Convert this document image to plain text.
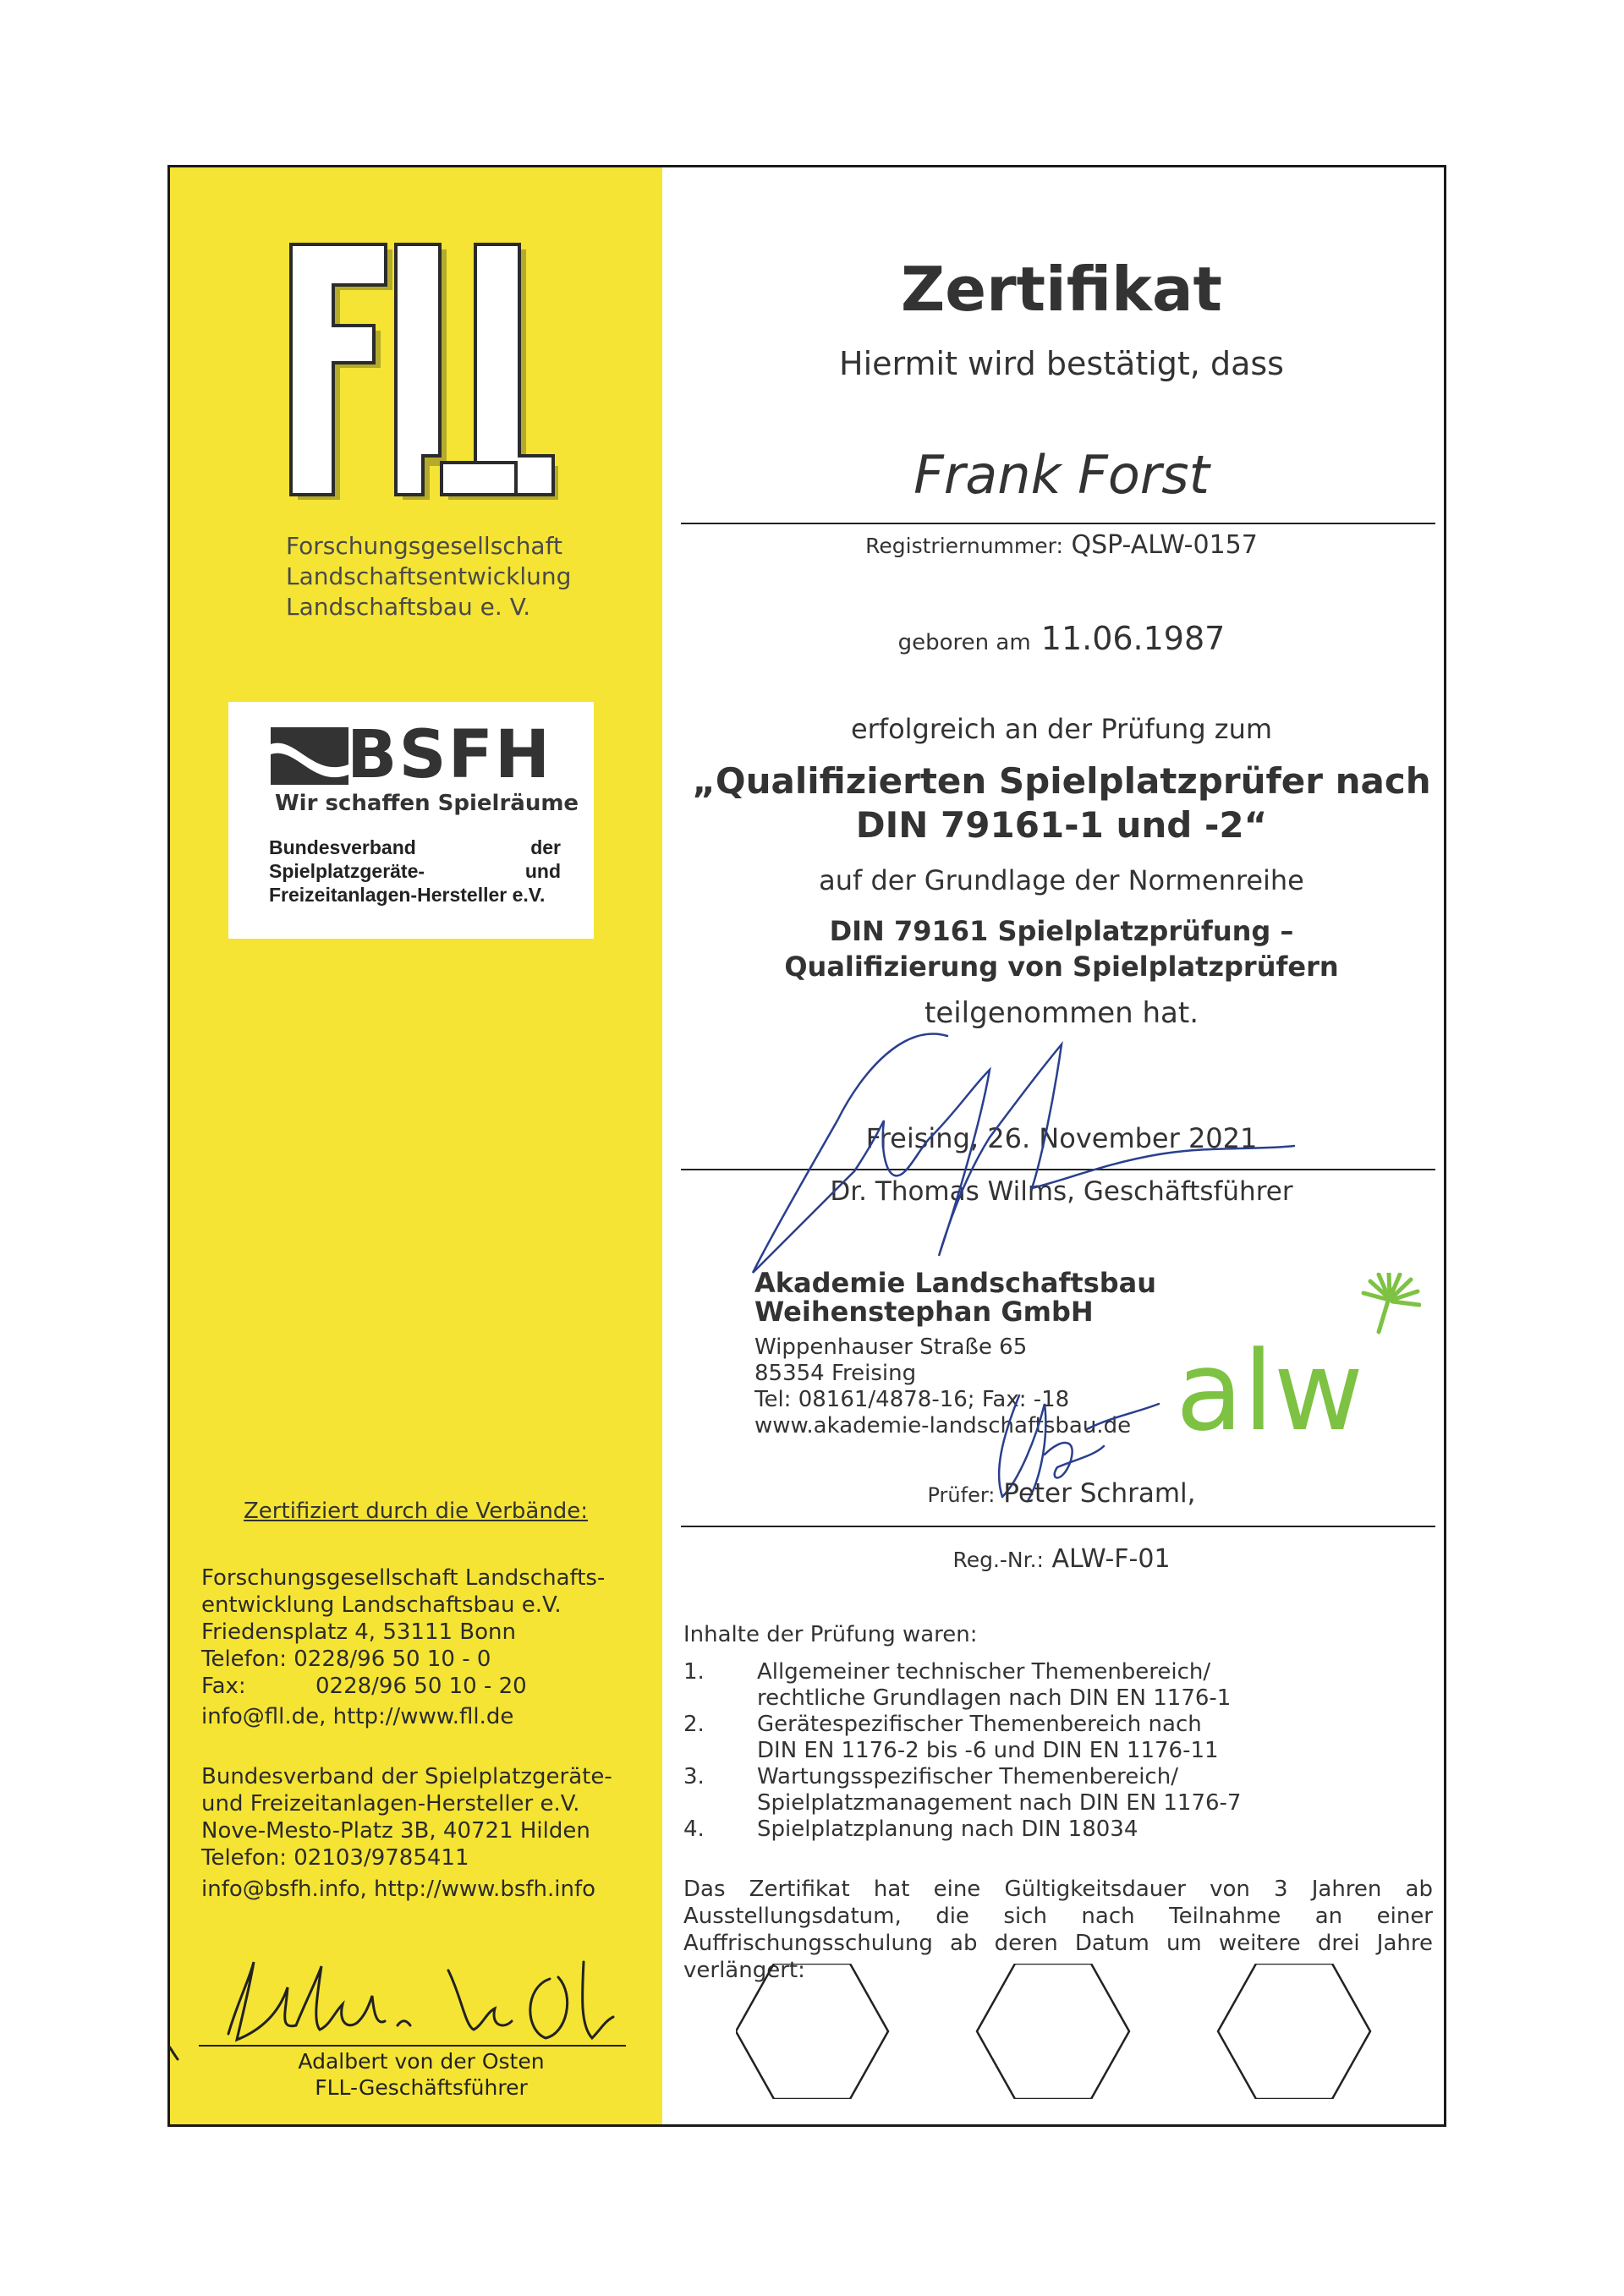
Forschungsgesellschaft
Landschaftsentwicklung
Landschaftsbau e. V.
BSFH
Wir schaffen Spielräume
Bundesverband der Spielplatzgeräte- und Freizeitanlagen-Hersteller e.V.
Zertifiziert durch die Verbände:
Forschungsgesellschaft Landschafts-
entwicklung Landschaftsbau e.V.
Friedensplatz 4, 53111 Bonn
Telefon: 0228/96 50 10 - 0
Fax:	0228/96 50 10 - 20
info@fll.de, http://www.fll.de
Bundesverband der Spielplatzgeräte-
und Freizeitanlagen-Hersteller e.V.
Nove-Mesto-Platz 3B, 40721 Hilden
Telefon: 02103/9785411
info@bsfh.info, http://www.bsfh.info
Adalbert von der Osten
FLL-Geschäftsführer
Zertifikat
Hiermit wird bestätigt, dass
Frank Forst
Registriernummer: QSP-ALW-0157
geboren am 11.06.1987
erfolgreich an der Prüfung zum
„Qualifizierten Spielplatzprüfer nach
DIN 79161-1 und -2“
auf der Grundlage der Normenreihe
DIN 79161 Spielplatzprüfung –
Qualifizierung von Spielplatzprüfern
teilgenommen hat.
Freising, 26. November 2021
Dr. Thomas Wilms, Geschäftsführer
Akademie Landschaftsbau
Weihenstephan GmbH
Wippenhauser Straße 65
85354 Freising
Tel: 08161/4878-16; Fax: -18
www.akademie-landschaftsbau.de alw
Prüfer: Peter Schraml,
Reg.-Nr.: ALW-F-01
Inhalte der Prüfung waren:
1. Allgemeiner technischer Themenbereich/
rechtliche Grundlagen nach DIN EN 1176-1
2. Gerätespezifischer Themenbereich nach
DIN EN 1176-2 bis -6 und DIN EN 1176-11
3. Wartungsspezifischer Themenbereich/
Spielplatzmanagement nach DIN EN 1176-7
4. Spielplatzplanung nach DIN 18034
Das Zertifikat hat eine Gültigkeitsdauer von 3 Jahren ab Ausstellungsdatum, die sich nach Teilnahme an einer Auffrischungsschulung ab deren Datum um weitere drei Jahre verlängert:
